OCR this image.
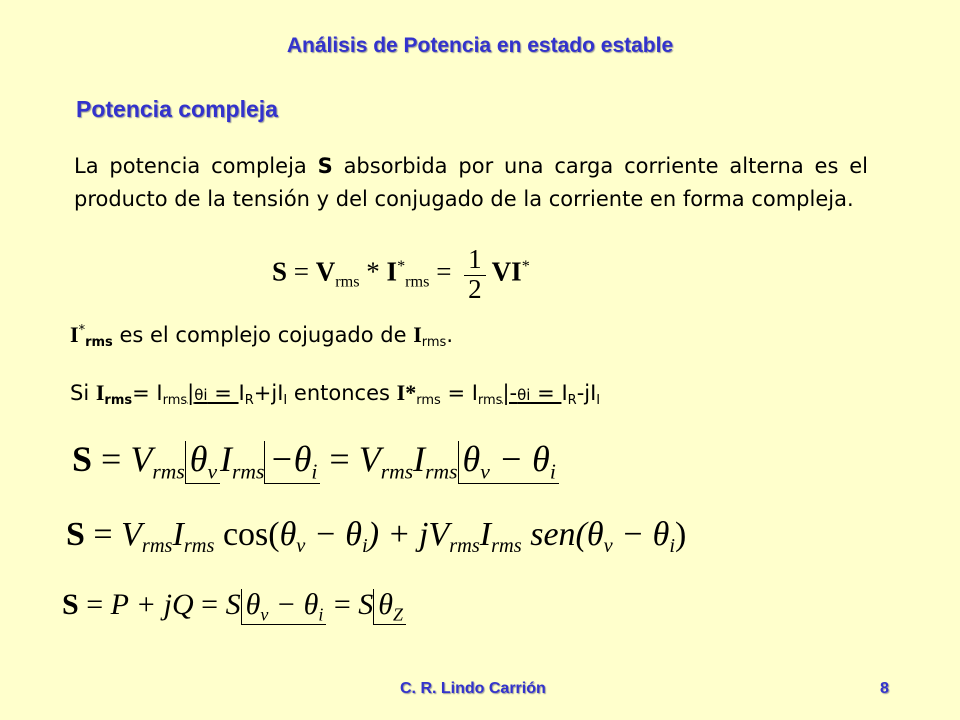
Análisis de Potencia en estado estable
Potencia compleja
La potencia compleja S absorbida por una carga corriente alterna es el producto de la tensión y del conjugado de la corriente en forma compleja.
$S = V_{rms} * I^*_{rms} = \frac{1}{2} VI^*$
I*rms es el complejo cojugado de Irms.
Si Irms= Irms|θi = IR+jII entonces I*rms = Irms|-θi = IR-jII
$S = V_{rms}$ $\theta_vI_{rms} -\theta_i = V_{rms}I_{rms}$ $\theta_v - \theta_i$
$S = V_{rms}I_{rms}$ $\cos(\theta_v - \theta_i) + jV_{rms}I_{rms}$ $sen(\theta_v - \theta_i)$
S = P + jQ = S $\theta_v - \theta_i = S$ $\theta_Z$
C. R. Lindo Carrión	8
